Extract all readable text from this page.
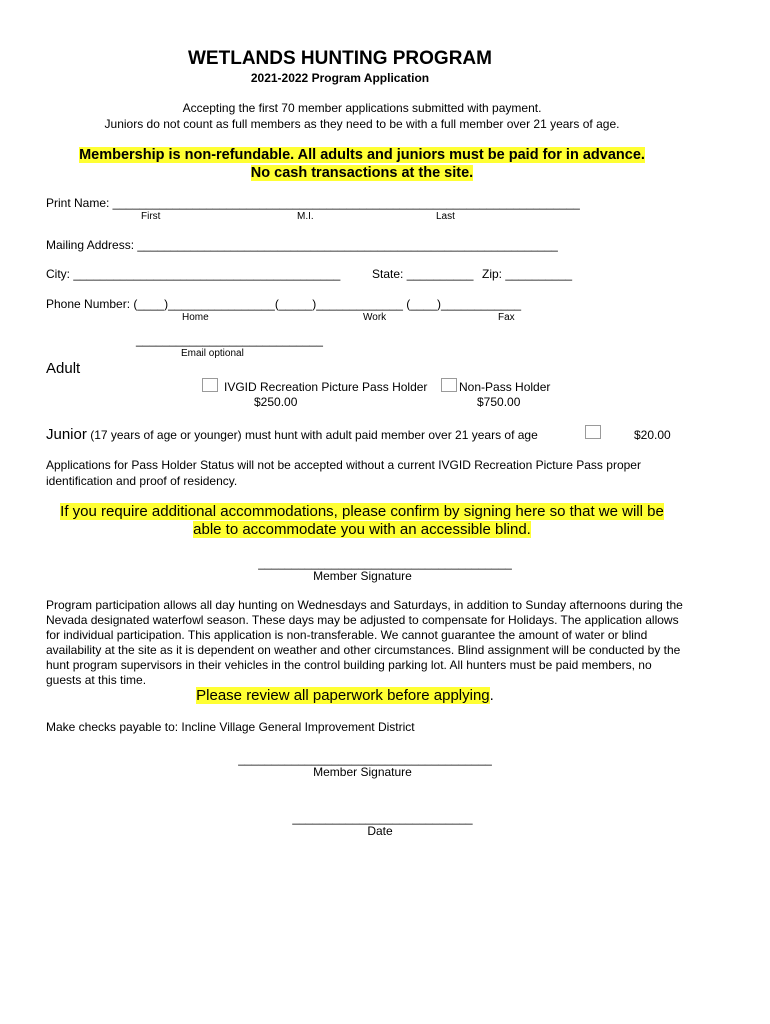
WETLANDS HUNTING PROGRAM
2021-2022 Program Application
Accepting the first 70 member applications submitted with payment.
Juniors do not count as full members as they need to be with a full member over 21 years of age.
Membership is non-refundable. All adults and juniors must be paid for in advance.
No cash transactions at the site.
Print Name: ______________________________________________________________________
First	M.I.	Last
Mailing Address: _______________________________________________________________
City: ________________________________________	State: __________ Zip: __________
Phone Number: (____)________________(_____)_____________ (____)____________
Home	Work	Fax
____________________________
Email optional
Adult
IVGID Recreation Picture Pass Holder
$250.00
Non-Pass Holder
$750.00
Junior (17 years of age or younger) must hunt with adult paid member over 21 years of age	$20.00
Applications for Pass Holder Status will not be accepted without a current IVGID Recreation Picture Pass proper
identification and proof of residency.
If you require additional accommodations, please confirm by signing here so that we will be
able to accommodate you with an accessible blind.
______________________________________
Member Signature
Program participation allows all day hunting on Wednesdays and Saturdays, in addition to Sunday afternoons during the Nevada designated waterfowl season. These days may be adjusted to compensate for Holidays. The application allows for individual participation. This application is non-transferable. We cannot guarantee the amount of water or blind availability at the site as it is dependent on weather and other circumstances. Blind assignment will be conducted by the hunt program supervisors in their vehicles in the control building parking lot. All hunters must be paid members, no guests at this time.
Please review all paperwork before applying.
Make checks payable to: Incline Village General Improvement District
______________________________________
Member Signature
___________________________
Date
